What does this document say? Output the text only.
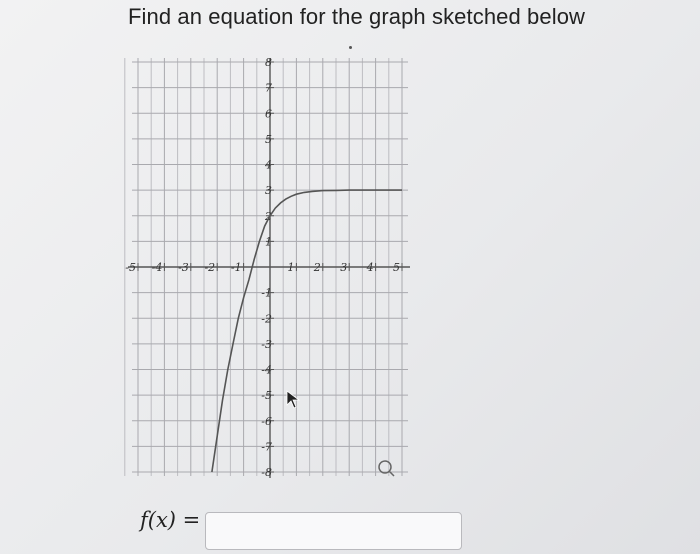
Find an equation for the graph sketched below
-5 -4 -3 -2 -1	1 2 3 4 5
8
7
6
5
4
3
2
1
-1
-2
-3
-4
-5
-6
-7
-8
f(x) =
